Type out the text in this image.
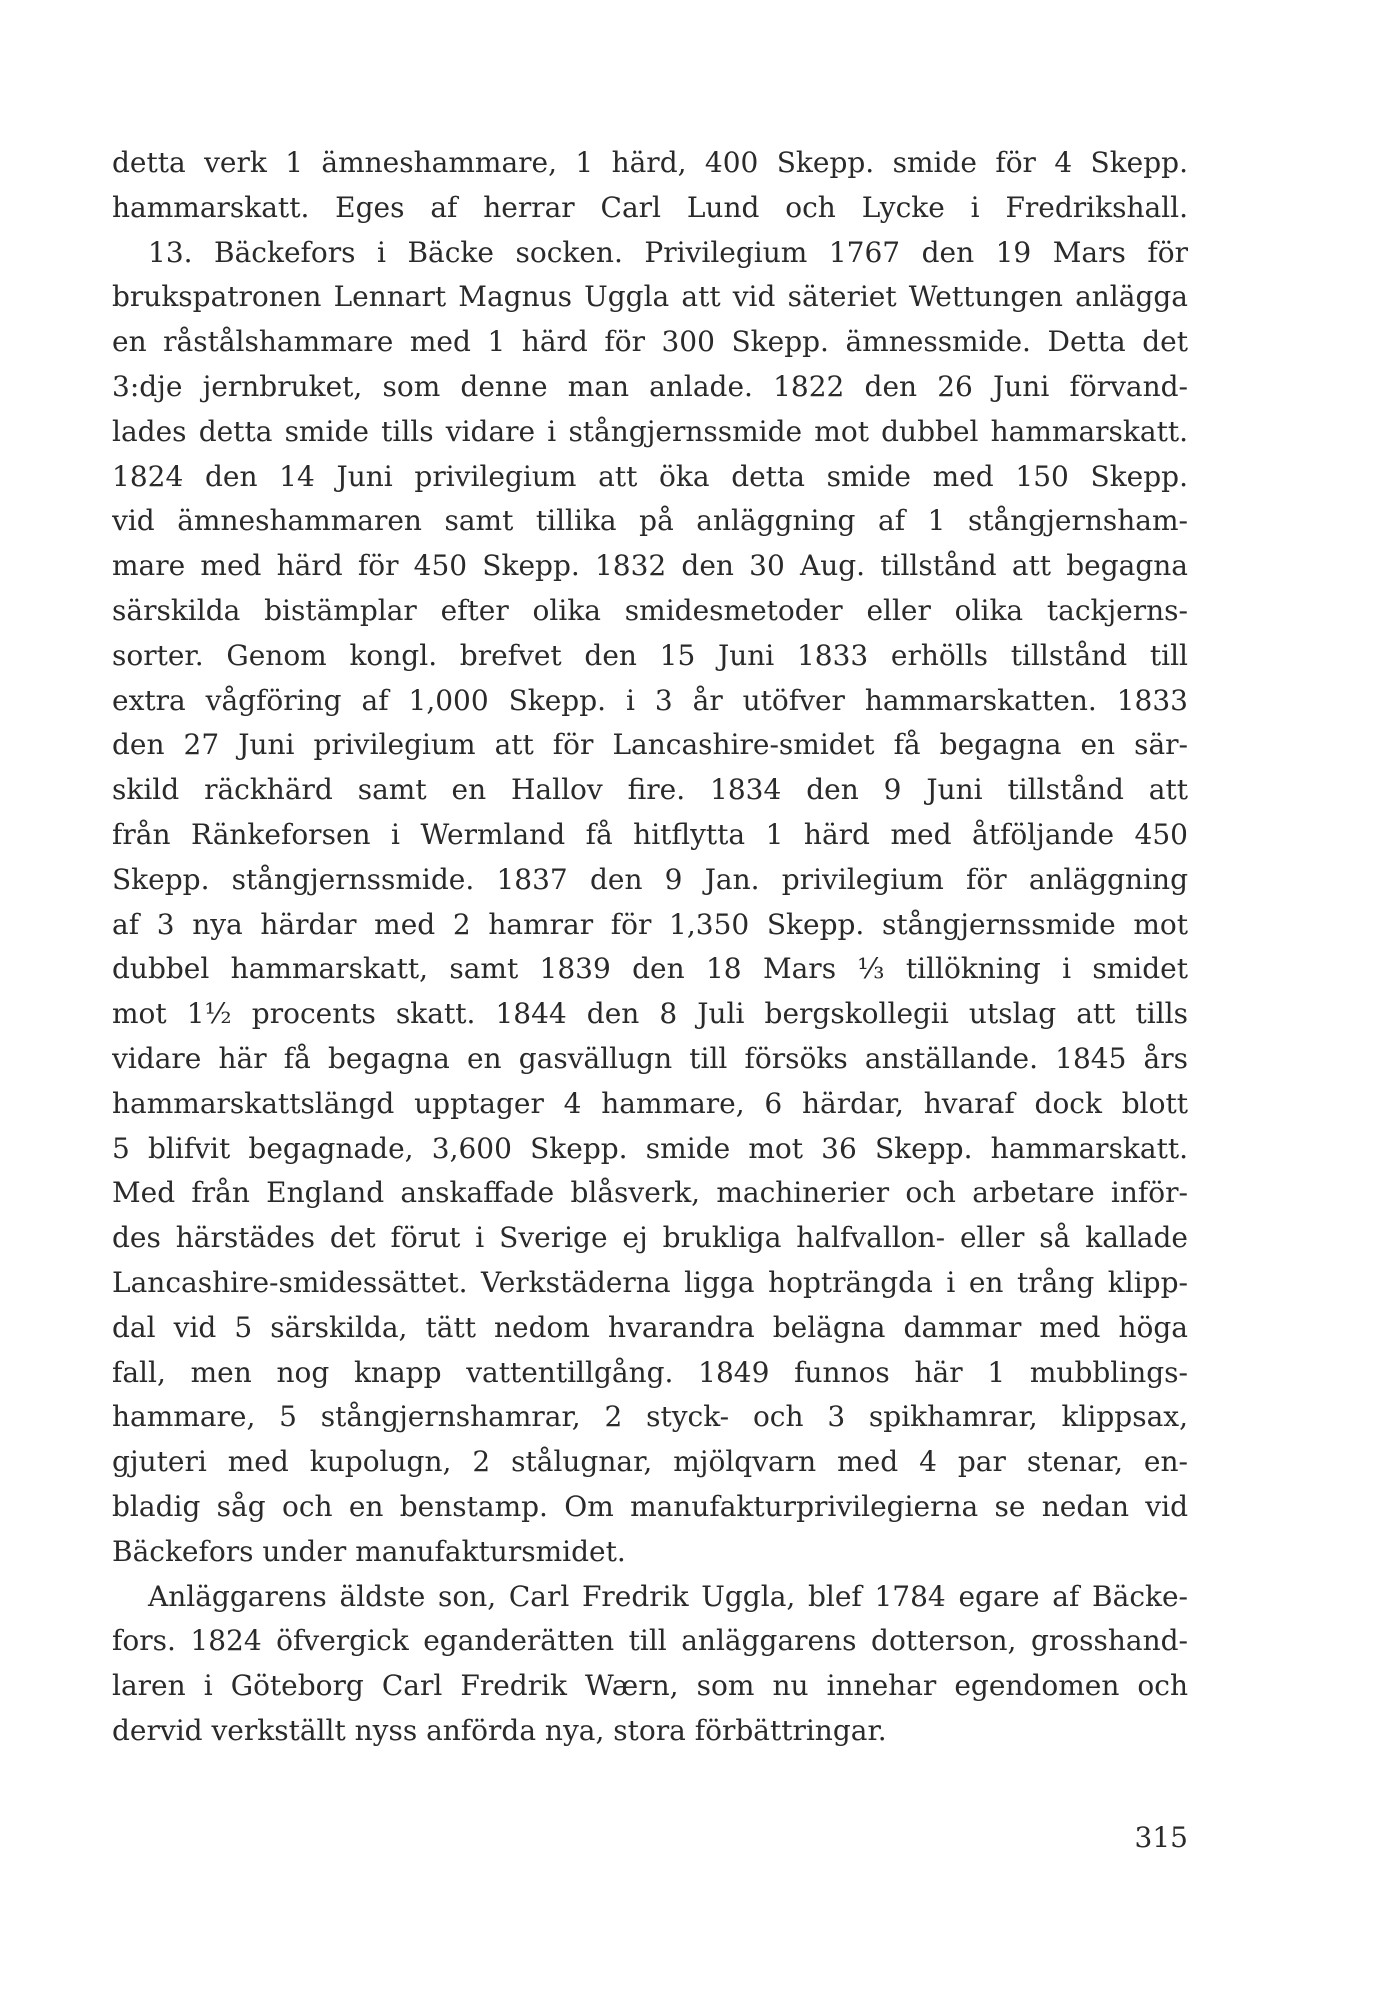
detta verk 1 ämneshammare, 1 härd, 400 Skepp. smide för 4 Skepp.
hammarskatt. Eges af herrar Carl Lund och Lycke i Fredrikshall.
13. Bäckefors i Bäcke socken. Privilegium 1767 den 19 Mars för
brukspatronen Lennart Magnus Uggla att vid säteriet Wettungen anlägga
en råstålshammare med 1 härd för 300 Skepp. ämnessmide. Detta det
3:dje jernbruket, som denne man anlade. 1822 den 26 Juni förvand-
lades detta smide tills vidare i stångjernssmide mot dubbel hammarskatt.
1824 den 14 Juni privilegium att öka detta smide med 150 Skepp.
vid ämneshammaren samt tillika på anläggning af 1 stångjernsham-
mare med härd för 450 Skepp. 1832 den 30 Aug. tillstånd att begagna
särskilda bistämplar efter olika smidesmetoder eller olika tackjerns-
sorter. Genom kongl. brefvet den 15 Juni 1833 erhölls tillstånd till
extra vågföring af 1,000 Skepp. i 3 år utöfver hammarskatten. 1833
den 27 Juni privilegium att för Lancashire-smidet få begagna en sär-
skild räckhärd samt en Hallov fire. 1834 den 9 Juni tillstånd att
från Ränkeforsen i Wermland få hitflytta 1 härd med åtföljande 450
Skepp. stångjernssmide. 1837 den 9 Jan. privilegium för anläggning
af 3 nya härdar med 2 hamrar för 1,350 Skepp. stångjernssmide mot
dubbel hammarskatt, samt 1839 den 18 Mars ⅓ tillökning i smidet
mot 1½ procents skatt. 1844 den 8 Juli bergskollegii utslag att tills
vidare här få begagna en gasvällugn till försöks anställande. 1845 års
hammarskattslängd upptager 4 hammare, 6 härdar, hvaraf dock blott
5 blifvit begagnade, 3,600 Skepp. smide mot 36 Skepp. hammarskatt.
Med från England anskaffade blåsverk, machinerier och arbetare inför-
des härstädes det förut i Sverige ej brukliga halfvallon- eller så kallade
Lancashire-smidessättet. Verkstäderna ligga hopträngda i en trång klipp-
dal vid 5 särskilda, tätt nedom hvarandra belägna dammar med höga
fall, men nog knapp vattentillgång. 1849 funnos här 1 mubblings-
hammare, 5 stångjernshamrar, 2 styck- och 3 spikhamrar, klippsax,
gjuteri med kupolugn, 2 stålugnar, mjölqvarn med 4 par stenar, en-
bladig såg och en benstamp. Om manufakturprivilegierna se nedan vid
Bäckefors under manufaktursmidet.
Anläggarens äldste son, Carl Fredrik Uggla, blef 1784 egare af Bäcke-
fors. 1824 öfvergick eganderätten till anläggarens dotterson, grosshand-
laren i Göteborg Carl Fredrik Wærn, som nu innehar egendomen och
dervid verkställt nyss anförda nya, stora förbättringar.
315
